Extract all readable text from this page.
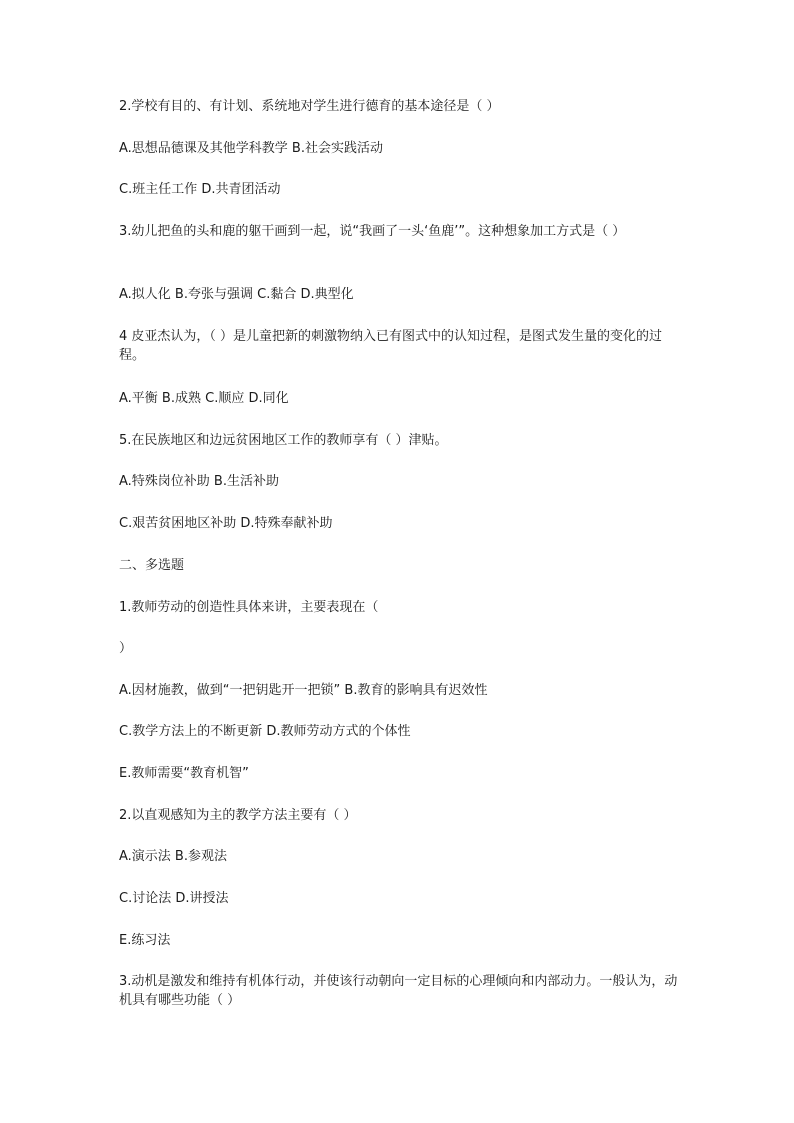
2.学校有目的、有计划、系统地对学生进行德育的基本途径是（ ）
A.思想品德课及其他学科教学 B.社会实践活动
C.班主任工作 D.共青团活动
3.幼儿把鱼的头和鹿的躯干画到一起，说“我画了一头‘鱼鹿’”。这种想象加工方式是（ ）
A.拟人化 B.夸张与强调 C.黏合 D.典型化
4 皮亚杰认为，（ ）是儿童把新的刺激物纳入已有图式中的认知过程，是图式发生量的变化的过程。
A.平衡 B.成熟 C.顺应 D.同化
5.在民族地区和边远贫困地区工作的教师享有（ ）津贴。
A.特殊岗位补助 B.生活补助
C.艰苦贫困地区补助 D.特殊奉献补助
二、多选题
1.教师劳动的创造性具体来讲，主要表现在（
）
A.因材施教，做到“一把钥匙开一把锁” B.教育的影响具有迟效性
C.教学方法上的不断更新 D.教师劳动方式的个体性
E.教师需要“教育机智”
2.以直观感知为主的教学方法主要有（ ）
A.演示法 B.参观法
C.讨论法 D.讲授法
E.练习法
3.动机是激发和维持有机体行动，并使该行动朝向一定目标的心理倾向和内部动力。一般认为，动机具有哪些功能（ ）
